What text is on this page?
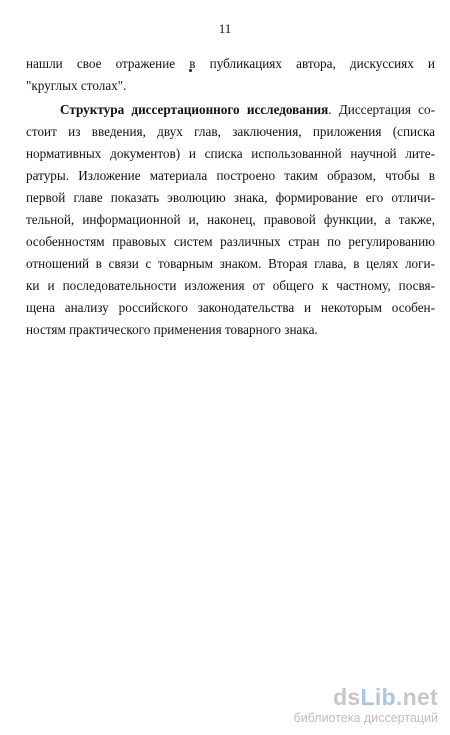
11
нашли свое отражение в публикациях автора, дискуссиях и
"круглых столах".
Структура диссертационного исследования. Диссертация со-
стоит из введения, двух глав, заключения, приложения (списка
нормативных документов) и списка использованной научной лите-
ратуры. Изложение материала построено таким образом, чтобы в
первой главе показать эволюцию знака, формирование его отличи-
тельной, информационной и, наконец, правовой функции, а также,
особенностям правовых систем различных стран по регулированию
отношений в связи с товарным знаком. Вторая глава, в целях логи-
ки и последовательности изложения от общего к частному, посвя-
щена анализу российского законодательства и некоторым особен-
ностям практического применения товарного знака.
dsLib.net
библиотека диссертаций
